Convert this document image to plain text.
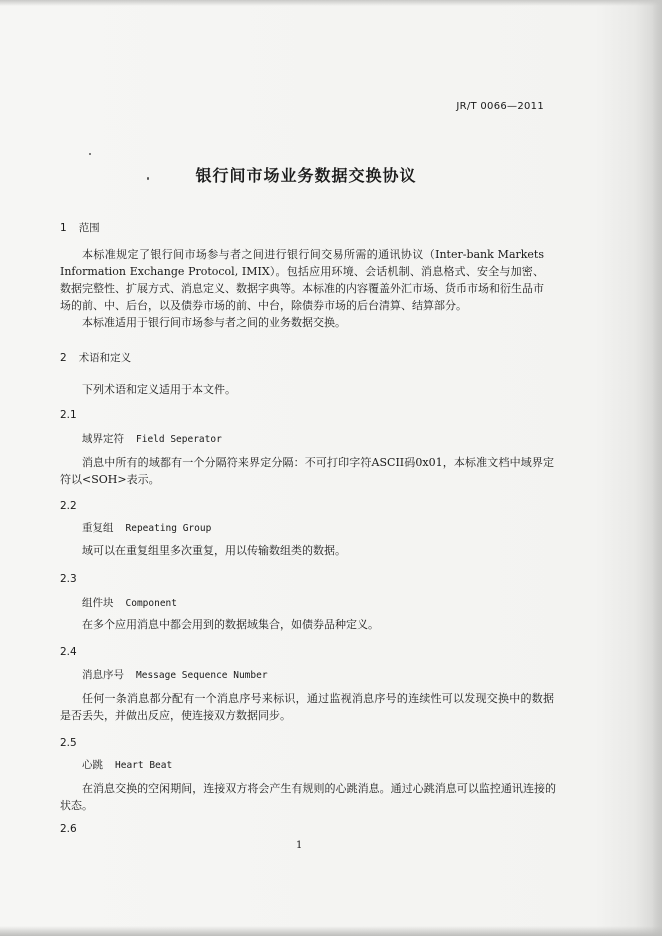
JR/T 0066—2011
银行间市场业务数据交换协议
1 范围
本标准规定了银行间市场参与者之间进行银行间交易所需的通讯协议（Inter-bank Markets Information Exchange Protocol, IMIX）。包括应用环境、会话机制、消息格式、安全与加密、数据完整性、扩展方式、消息定义、数据字典等。本标准的内容覆盖外汇市场、货币市场和衍生品市场的前、中、后台，以及债券市场的前、中台，除债券市场的后台清算、结算部分。
本标准适用于银行间市场参与者之间的业务数据交换。
2 术语和定义
下列术语和定义适用于本文件。
2.1
域界定符 Field Seperator
消息中所有的域都有一个分隔符来界定分隔：不可打印字符ASCII码0x01，本标准文档中域界定符以<SOH>表示。
2.2
重复组 Repeating Group
域可以在重复组里多次重复，用以传输数组类的数据。
2.3
组件块 Component
在多个应用消息中都会用到的数据域集合，如债券品种定义。
2.4
消息序号 Message Sequence Number
任何一条消息都分配有一个消息序号来标识，通过监视消息序号的连续性可以发现交换中的数据是否丢失，并做出反应，使连接双方数据同步。
2.5
心跳 Heart Beat
在消息交换的空闲期间，连接双方将会产生有规则的心跳消息。通过心跳消息可以监控通讯连接的状态。
2.6
1
